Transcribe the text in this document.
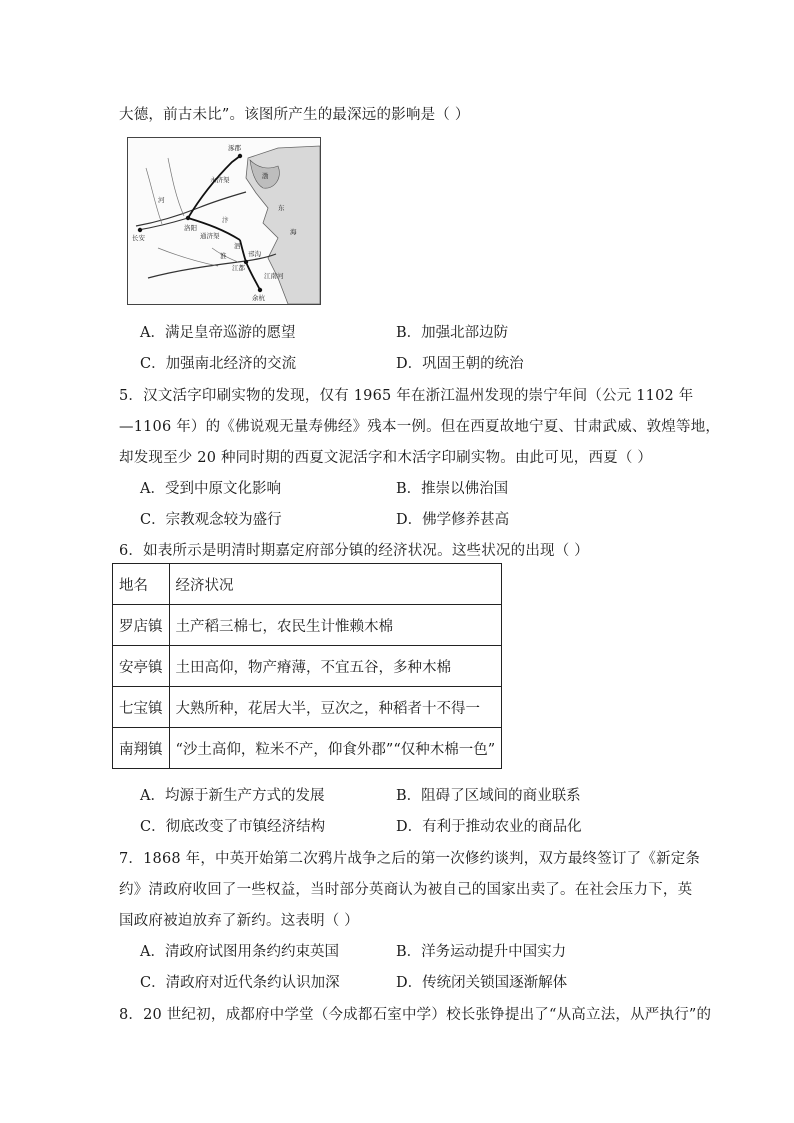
大德，前古未比”。该图所产生的最深远的影响是（ ）
长安
洛阳
汴
泗
江都
余杭
淮
河
海
渤
东
涿郡
通济渠
永济渠
邗沟
江南河
A．满足皇帝巡游的愿望	B．加强北部边防
C．加强南北经济的交流	D．巩固王朝的统治
5．汉文活字印刷实物的发现，仅有 1965 年在浙江温州发现的崇宁年间（公元 1102 年
—1106 年）的《佛说观无量寿佛经》残本一例。但在西夏故地宁夏、甘肃武威、敦煌等地，
却发现至少 20 种同时期的西夏文泥活字和木活字印刷实物。由此可见，西夏（ ）
A．受到中原文化影响	B．推崇以佛治国
C．宗教观念较为盛行	D．佛学修养甚高
6．如表所示是明清时期嘉定府部分镇的经济状况。这些状况的出现（ ）
地名	经济状况
罗店镇	土产稻三棉七，农民生计惟赖木棉
安亭镇	土田高仰，物产瘠薄，不宜五谷，多种木棉
七宝镇	大熟所种，花居大半，豆次之，种稻者十不得一
南翔镇	“沙土高仰，粒米不产，仰食外郡”“仅种木棉一色”
A．均源于新生产方式的发展	B．阻碍了区域间的商业联系
C．彻底改变了市镇经济结构	D．有利于推动农业的商品化
7．1868 年，中英开始第二次鸦片战争之后的第一次修约谈判，双方最终签订了《新定条
约》清政府收回了一些权益，当时部分英商认为被自己的国家出卖了。在社会压力下，英
国政府被迫放弃了新约。这表明（ ）
A．清政府试图用条约约束英国	B．洋务运动提升中国实力
C．清政府对近代条约认识加深	D．传统闭关锁国逐渐解体
8．20 世纪初，成都府中学堂（今成都石室中学）校长张铮提出了“从高立法，从严执行”的
